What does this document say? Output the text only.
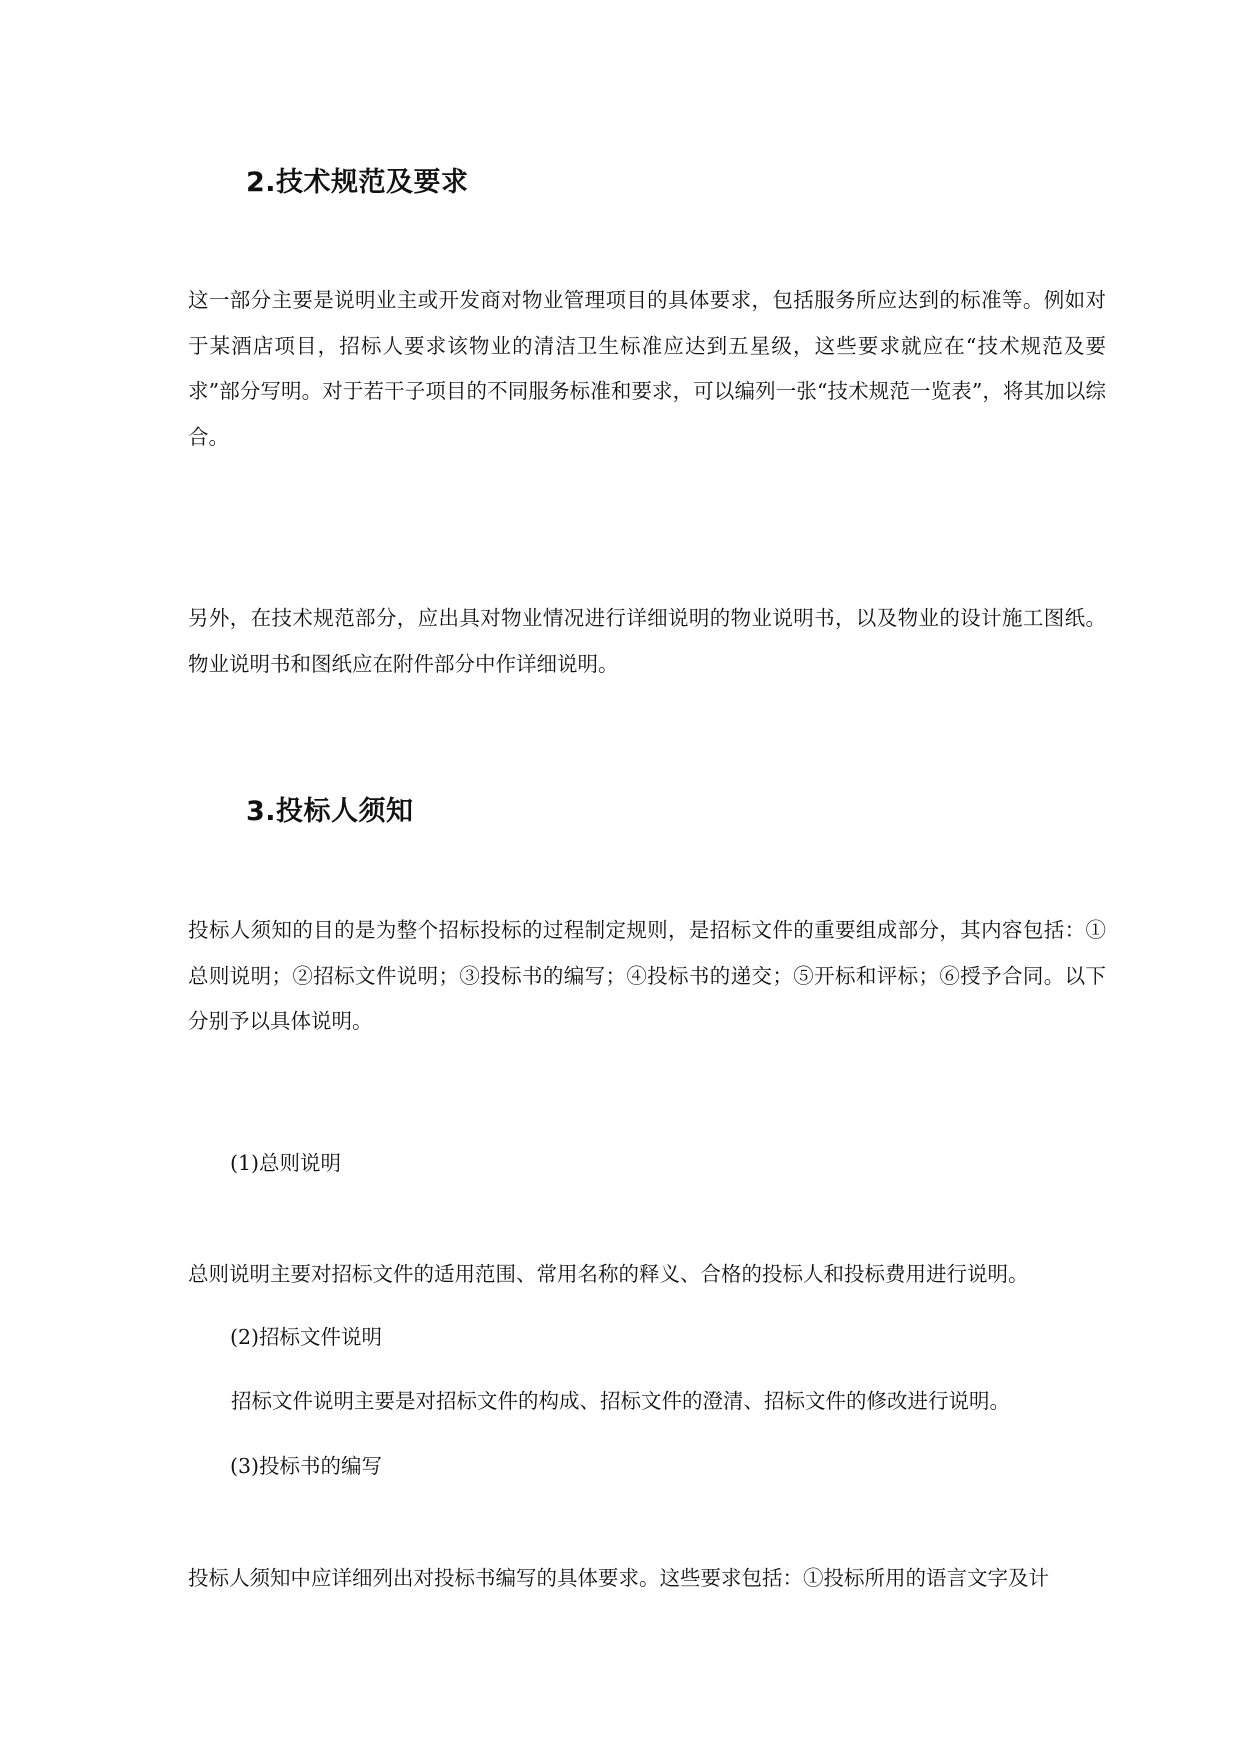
2.技术规范及要求

这一部分主要是说明业主或开发商对物业管理项目的具体要求，包括服务所应达到的标准等。例如对于某酒店项目，招标人要求该物业的清洁卫生标准应达到五星级，这些要求就应在“技术规范及要求”部分写明。对于若干子项目的不同服务标准和要求，可以编列一张“技术规范一览表”，将其加以综合。

另外，在技术规范部分，应出具对物业情况进行详细说明的物业说明书，以及物业的设计施工图纸。物业说明书和图纸应在附件部分中作详细说明。

3.投标人须知

投标人须知的目的是为整个招标投标的过程制定规则，是招标文件的重要组成部分，其内容包括：①总则说明；②招标文件说明；③投标书的编写；④投标书的递交；⑤开标和评标；⑥授予合同。以下分别予以具体说明。

(1)总则说明

总则说明主要对招标文件的适用范围、常用名称的释义、合格的投标人和投标费用进行说明。

(2)招标文件说明

招标文件说明主要是对招标文件的构成、招标文件的澄清、招标文件的修改进行说明。

(3)投标书的编写

投标人须知中应详细列出对投标书编写的具体要求。这些要求包括：①投标所用的语言文字及计
